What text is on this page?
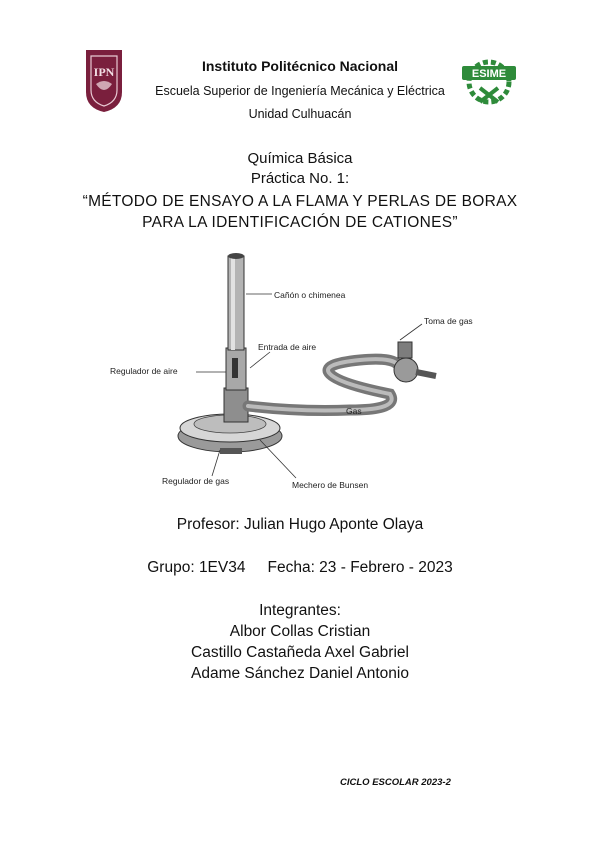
IPN	ESIME
Instituto Politécnico Nacional
Escuela Superior de Ingeniería Mecánica y Eléctrica
Unidad Culhuacán
Química Básica
Práctica No. 1:
“MÉTODO DE ENSAYO A LA FLAMA Y PERLAS DE BORAX
PARA LA IDENTIFICACIÓN DE CATIONES”
Cañón o chimenea
Toma de gas
Entrada de aire
Regulador de aire
Gas
Regulador de gas	Mechero de Bunsen
Profesor: Julian Hugo Aponte Olaya
Grupo: 1EV34 Fecha: 23 - Febrero - 2023
Integrantes:
Albor Collas Cristian
Castillo Castañeda Axel Gabriel
Adame Sánchez Daniel Antonio
CICLO ESCOLAR 2023-2
